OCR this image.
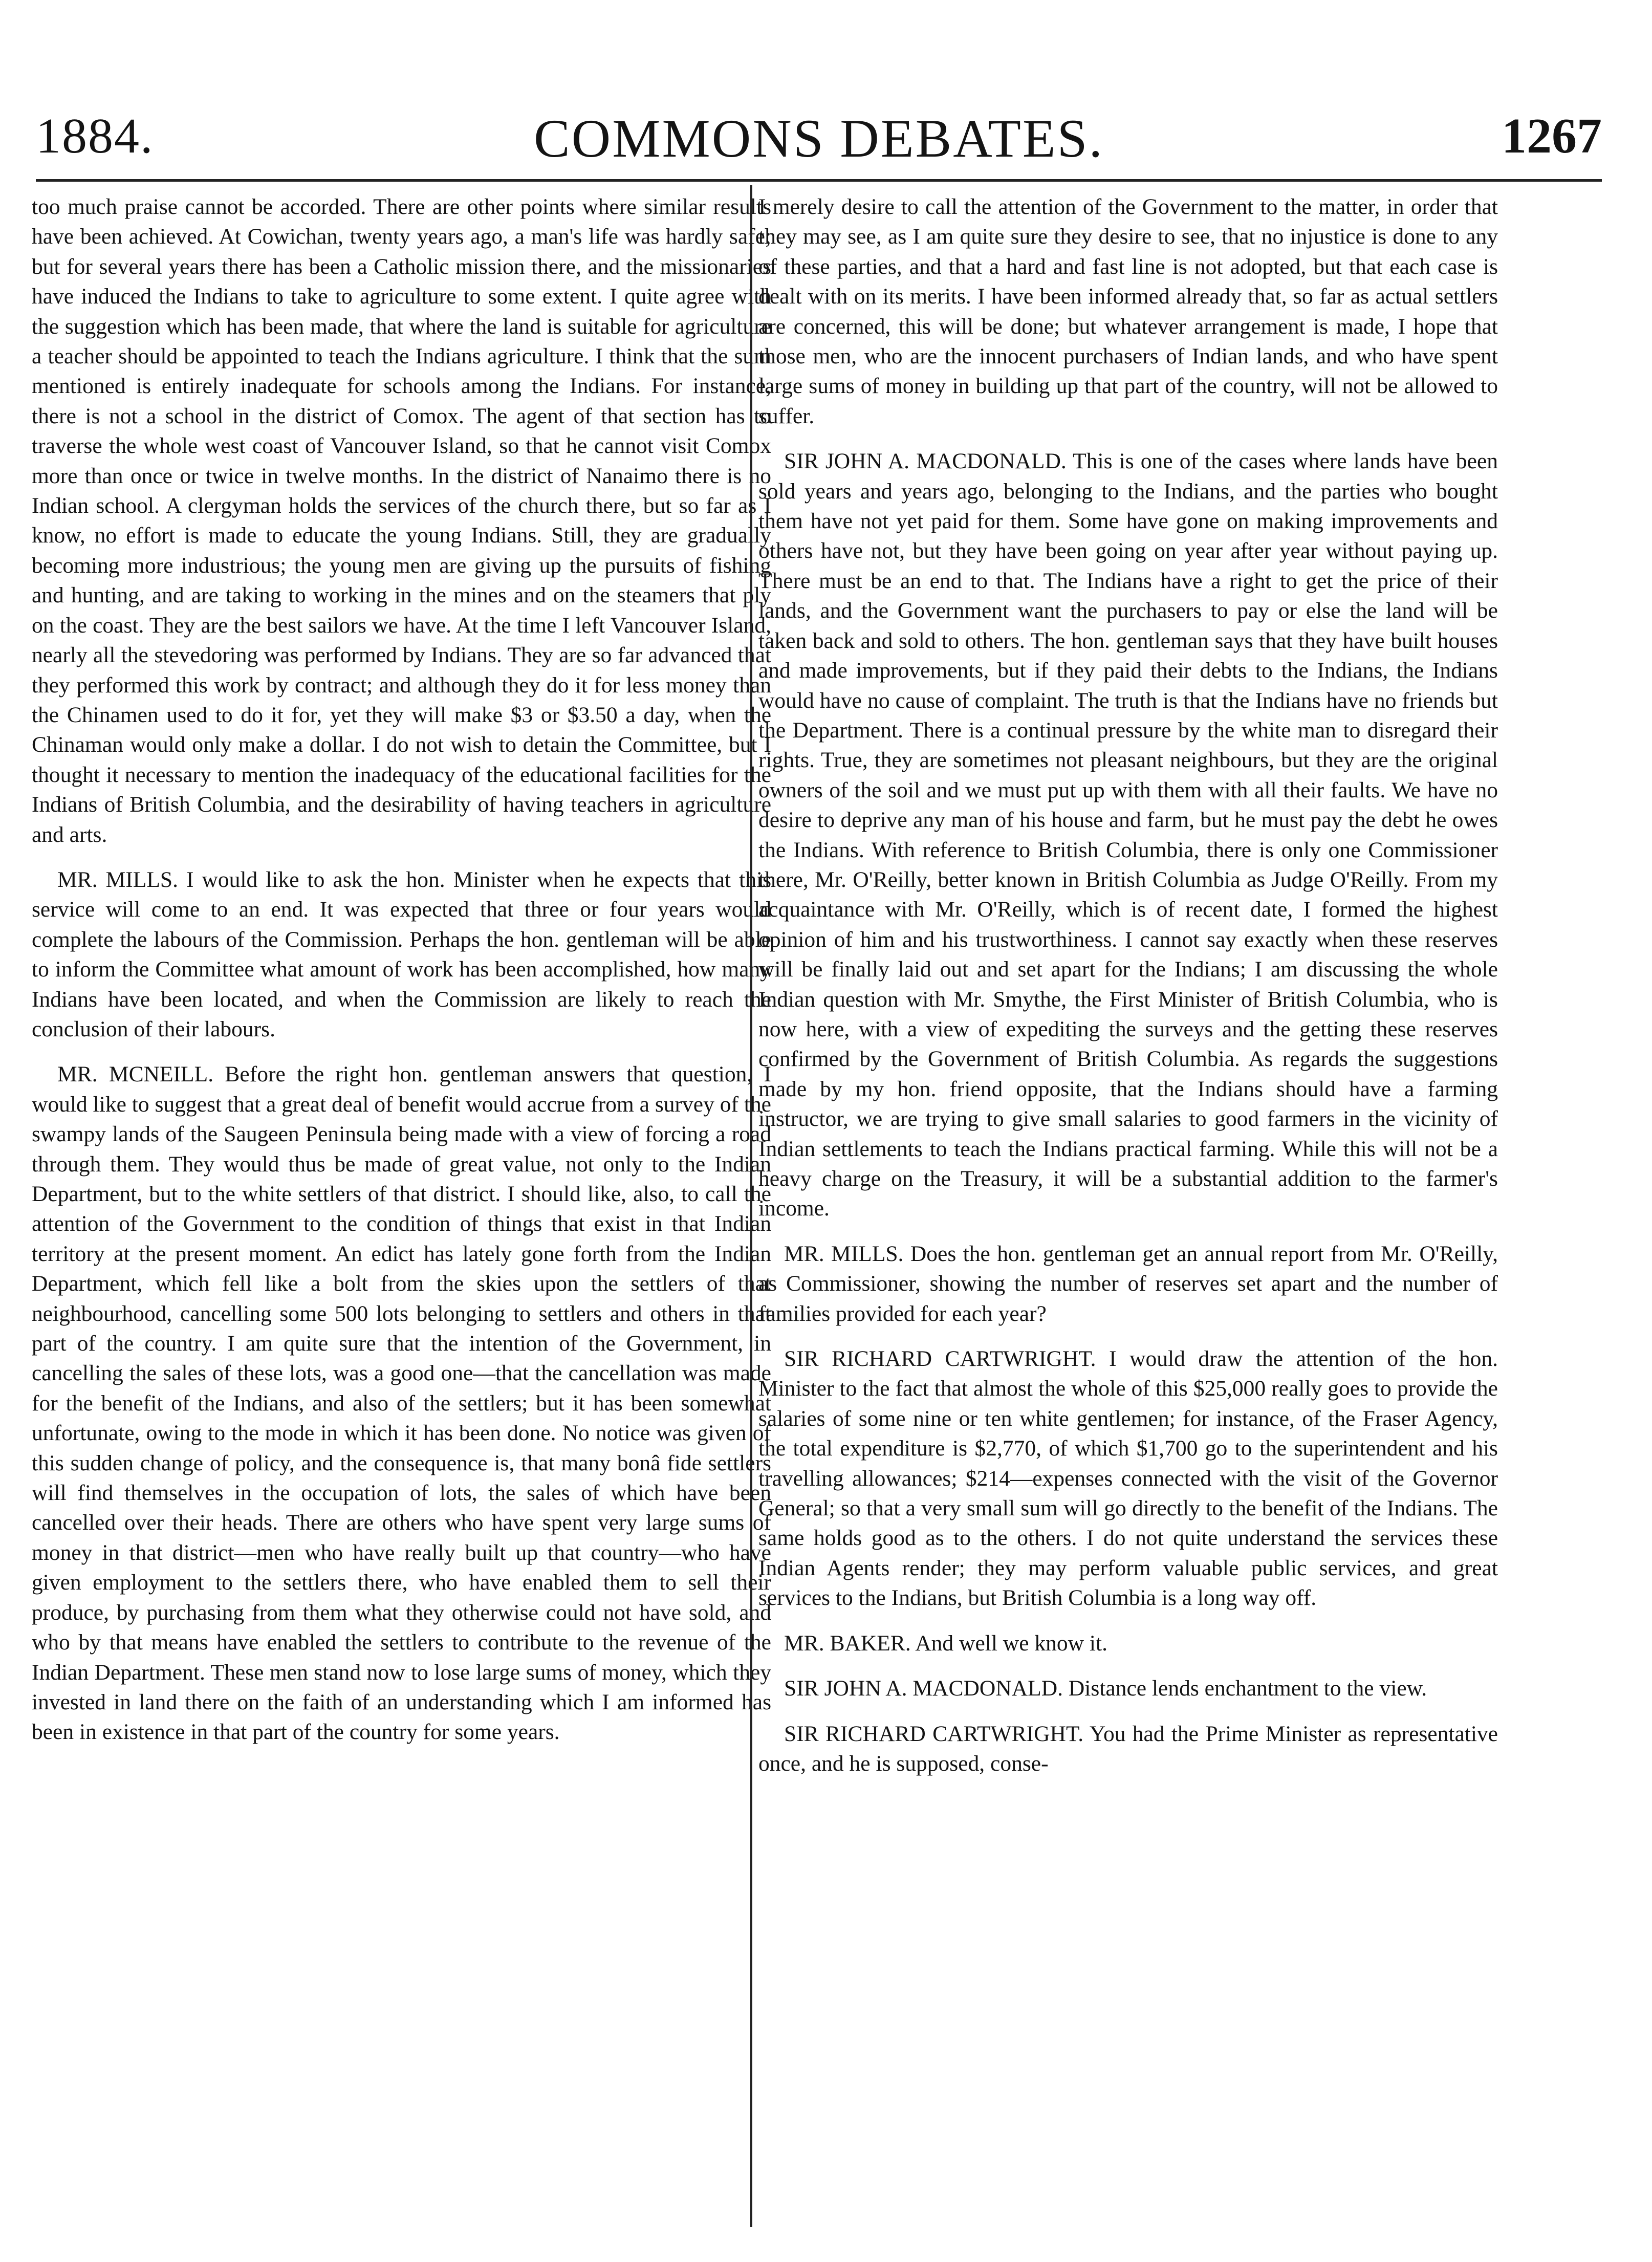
1884.	COMMONS DEBATES.	1267

too much praise cannot be accorded. There are other points where similar results have been achieved. At Cowichan, twenty years ago, a man's life was hardly safe; but for several years there has been a Catholic mission there, and the missionaries have induced the Indians to take to agriculture to some extent. I quite agree with the suggestion which has been made, that where the land is suitable for agriculture a teacher should be appointed to teach the Indians agriculture. I think that the sum mentioned is entirely inadequate for schools among the Indians. For instance, there is not a school in the district of Comox. The agent of that section has to traverse the whole west coast of Vancouver Island, so that he cannot visit Comox more than once or twice in twelve months. In the district of Nanaimo there is no Indian school. A clergyman holds the services of the church there, but so far as I know, no effort is made to educate the young Indians. Still, they are gradually becoming more industrious; the young men are giving up the pursuits of fishing and hunting, and are taking to working in the mines and on the steamers that ply on the coast. They are the best sailors we have. At the time I left Vancouver Island, nearly all the stevedoring was performed by Indians. They are so far advanced that they performed this work by contract; and although they do it for less money than the Chinamen used to do it for, yet they will make $3 or $3.50 a day, when the Chinaman would only make a dollar. I do not wish to detain the Committee, but I thought it necessary to mention the inadequacy of the educational facilities for the Indians of British Columbia, and the desirability of having teachers in agriculture and arts.

MR. MILLS. I would like to ask the hon. Minister when he expects that this service will come to an end. It was expected that three or four years would complete the labours of the Commission. Perhaps the hon. gentleman will be able to inform the Committee what amount of work has been accomplished, how many Indians have been located, and when the Commission are likely to reach the conclusion of their labours.

MR. MCNEILL. Before the right hon. gentleman answers that question, I would like to suggest that a great deal of benefit would accrue from a survey of the swampy lands of the Saugeen Peninsula being made with a view of forcing a road through them. They would thus be made of great value, not only to the Indian Department, but to the white settlers of that district. I should like, also, to call the attention of the Government to the condition of things that exist in that Indian territory at the present moment. An edict has lately gone forth from the Indian Department, which fell like a bolt from the skies upon the settlers of that neighbourhood, cancelling some 500 lots belonging to settlers and others in that part of the country. I am quite sure that the intention of the Government, in cancelling the sales of these lots, was a good one—that the cancellation was made for the benefit of the Indians, and also of the settlers; but it has been somewhat unfortunate, owing to the mode in which it has been done. No notice was given of this sudden change of policy, and the consequence is, that many bonâ fide settlers will find themselves in the occupation of lots, the sales of which have been cancelled over their heads. There are others who have spent very large sums of money in that district—men who have really built up that country—who have given employment to the settlers there, who have enabled them to sell their produce, by purchasing from them what they otherwise could not have sold, and who by that means have enabled the settlers to contribute to the revenue of the Indian Department. These men stand now to lose large sums of money, which they invested in land there on the faith of an understanding which I am informed has been in existence in that part of the country for some years.

I merely desire to call the attention of the Government to the matter, in order that they may see, as I am quite sure they desire to see, that no injustice is done to any of these parties, and that a hard and fast line is not adopted, but that each case is dealt with on its merits. I have been informed already that, so far as actual settlers are concerned, this will be done; but whatever arrangement is made, I hope that those men, who are the innocent purchasers of Indian lands, and who have spent large sums of money in building up that part of the country, will not be allowed to suffer.

SIR JOHN A. MACDONALD. This is one of the cases where lands have been sold years and years ago, belonging to the Indians, and the parties who bought them have not yet paid for them. Some have gone on making improvements and others have not, but they have been going on year after year without paying up. There must be an end to that. The Indians have a right to get the price of their lands, and the Government want the purchasers to pay or else the land will be taken back and sold to others. The hon. gentleman says that they have built houses and made improvements, but if they paid their debts to the Indians, the Indians would have no cause of complaint. The truth is that the Indians have no friends but the Department. There is a continual pressure by the white man to disregard their rights. True, they are sometimes not pleasant neighbours, but they are the original owners of the soil and we must put up with them with all their faults. We have no desire to deprive any man of his house and farm, but he must pay the debt he owes the Indians. With reference to British Columbia, there is only one Commissioner there, Mr. O'Reilly, better known in British Columbia as Judge O'Reilly. From my acquaintance with Mr. O'Reilly, which is of recent date, I formed the highest opinion of him and his trustworthiness. I cannot say exactly when these reserves will be finally laid out and set apart for the Indians; I am discussing the whole Indian question with Mr. Smythe, the First Minister of British Columbia, who is now here, with a view of expediting the surveys and the getting these reserves confirmed by the Government of British Columbia. As regards the suggestions made by my hon. friend opposite, that the Indians should have a farming instructor, we are trying to give small salaries to good farmers in the vicinity of Indian settlements to teach the Indians practical farming. While this will not be a heavy charge on the Treasury, it will be a substantial addition to the farmer's income.

MR. MILLS. Does the hon. gentleman get an annual report from Mr. O'Reilly, as Commissioner, showing the number of reserves set apart and the number of families provided for each year?

SIR RICHARD CARTWRIGHT. I would draw the attention of the hon. Minister to the fact that almost the whole of this $25,000 really goes to provide the salaries of some nine or ten white gentlemen; for instance, of the Fraser Agency, the total expenditure is $2,770, of which $1,700 go to the superintendent and his travelling allowances; $214—expenses connected with the visit of the Governor General; so that a very small sum will go directly to the benefit of the Indians. The same holds good as to the others. I do not quite understand the services these Indian Agents render; they may perform valuable public services, and great services to the Indians, but British Columbia is a long way off.

MR. BAKER. And well we know it.

SIR JOHN A. MACDONALD. Distance lends enchantment to the view.

SIR RICHARD CARTWRIGHT. You had the Prime Minister as representative once, and he is supposed, conse-
